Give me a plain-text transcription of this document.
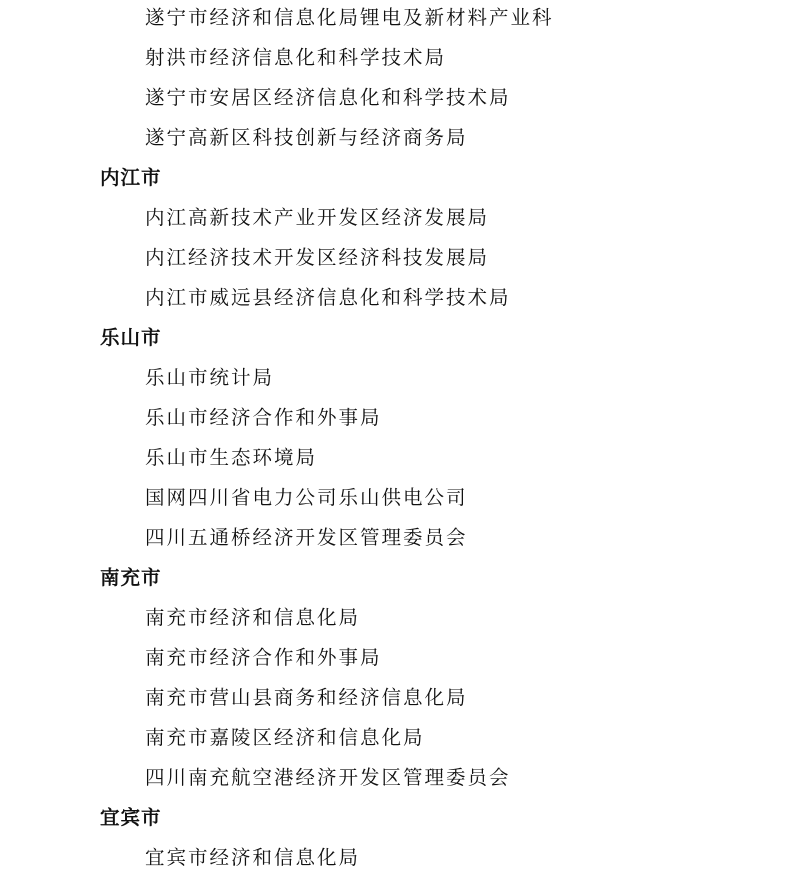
遂宁市经济和信息化局锂电及新材料产业科
射洪市经济信息化和科学技术局
遂宁市安居区经济信息化和科学技术局
遂宁高新区科技创新与经济商务局
内江市
内江高新技术产业开发区经济发展局
内江经济技术开发区经济科技发展局
内江市威远县经济信息化和科学技术局
乐山市
乐山市统计局
乐山市经济合作和外事局
乐山市生态环境局
国网四川省电力公司乐山供电公司
四川五通桥经济开发区管理委员会
南充市
南充市经济和信息化局
南充市经济合作和外事局
南充市营山县商务和经济信息化局
南充市嘉陵区经济和信息化局
四川南充航空港经济开发区管理委员会
宜宾市
宜宾市经济和信息化局
